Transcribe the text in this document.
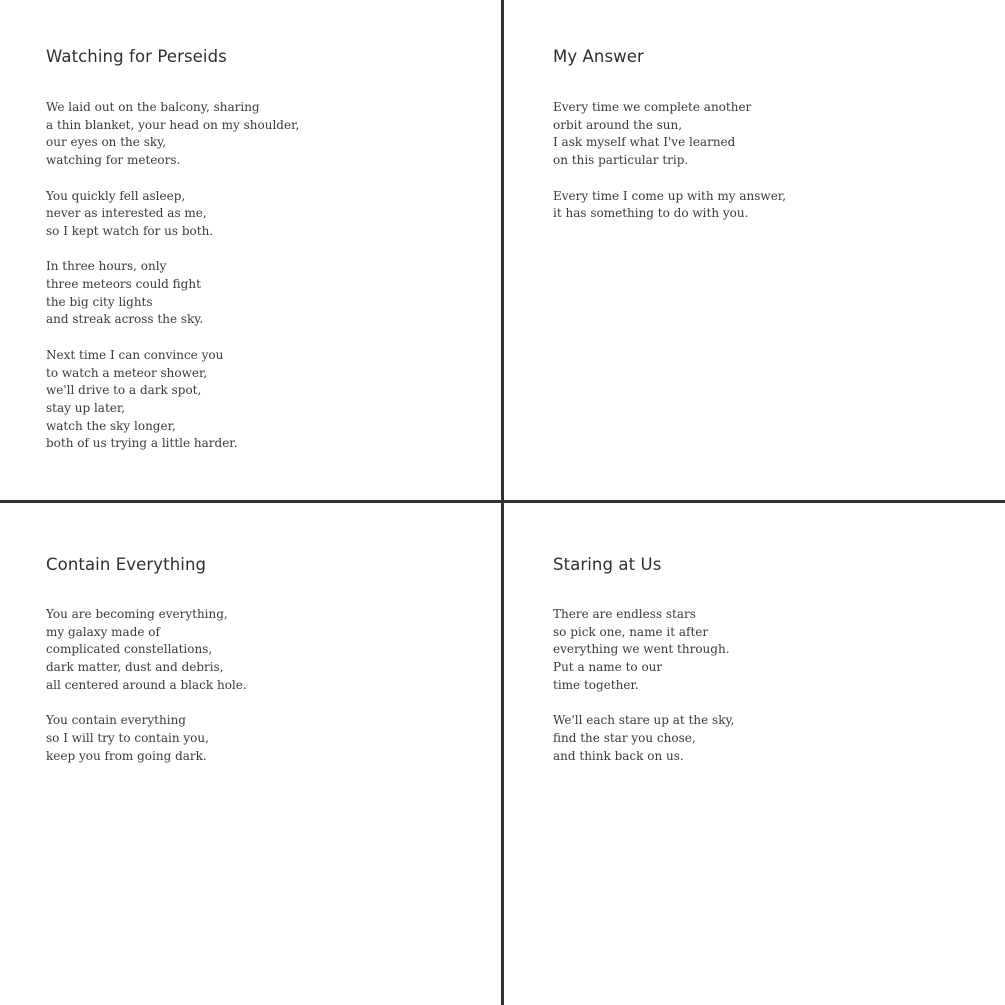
Watching for Perseids

We laid out on the balcony, sharing
a thin blanket, your head on my shoulder,
our eyes on the sky,
watching for meteors.

You quickly fell asleep,
never as interested as me,
so I kept watch for us both.

In three hours, only
three meteors could fight
the big city lights
and streak across the sky.

Next time I can convince you
to watch a meteor shower,
we'll drive to a dark spot,
stay up later,
watch the sky longer,
both of us trying a little harder.

My Answer

Every time we complete another
orbit around the sun,
I ask myself what I've learned
on this particular trip.

Every time I come up with my answer,
it has something to do with you.

Contain Everything

You are becoming everything,
my galaxy made of
complicated constellations,
dark matter, dust and debris,
all centered around a black hole.

You contain everything
so I will try to contain you,
keep you from going dark.

Staring at Us

There are endless stars
so pick one, name it after
everything we went through.
Put a name to our
time together.

We'll each stare up at the sky,
find the star you chose,
and think back on us.
